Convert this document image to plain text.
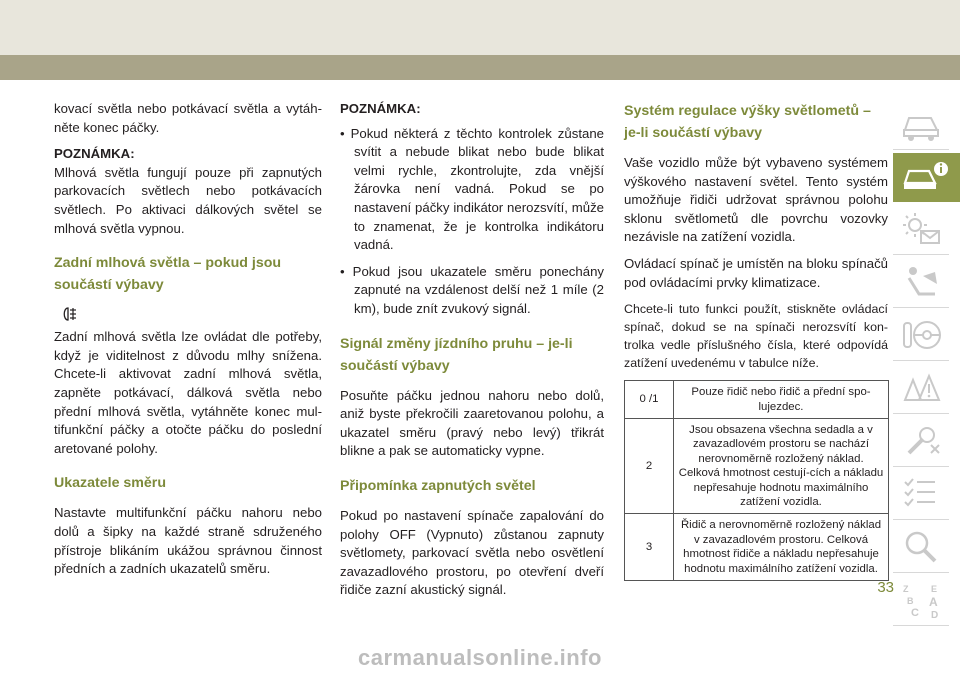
kovací světla nebo potkávací světla a vytáh-něte konec páčky.

POZNÁMKA:

Mlhová světla fungují pouze při zapnutých parkovacích světlech nebo potkávacích světlech. Po aktivaci dálkových světel se mlhová světla vypnou.

Zadní mlhová světla – pokud jsou součástí výbavy

Zadní mlhová světla lze ovládat dle potřeby, když je viditelnost z důvodu mlhy snížena. Chcete-li aktivovat zadní mlhová světla, zapněte potkávací, dálková světla nebo přední mlhová světla, vytáhněte konec mul-tifunkční páčky a otočte páčku do poslední aretované polohy.

Ukazatele směru

Nastavte multifunkční páčku nahoru nebo dolů a šipky na každé straně sdruženého přístroje blikáním ukážou správnou činnost předních a zadních ukazatelů směru.

POZNÁMKA:

• Pokud některá z těchto kontrolek zůstane svítit a nebude blikat nebo bude blikat velmi rychle, zkontrolujte, zda vnější žárovka není vadná. Pokud se po nastavení páčky indikátor nerozsvítí, může to znamenat, že je kontrolka indikátoru vadná.

• Pokud jsou ukazatele směru ponechány zapnuté na vzdálenost delší než 1 míle (2 km), bude znít zvukový signál.

Signál změny jízdního pruhu – je-li součástí výbavy

Posuňte páčku jednou nahoru nebo dolů, aniž byste překročili zaaretovanou polohu, a ukazatel směru (pravý nebo levý) třikrát blikne a pak se automaticky vypne.

Připomínka zapnutých světel

Pokud po nastavení spínače zapalování do polohy OFF (Vypnuto) zůstanou zapnuty světlomety, parkovací světla nebo osvětlení zavazadlového prostoru, po otevření dveří řidiče zazní akustický signál.

Systém regulace výšky světlometů – je-li součástí výbavy

Vaše vozidlo může být vybaveno systémem výškového nastavení světel. Tento systém umožňuje řidiči udržovat správnou polohu sklonu světlometů dle povrchu vozovky nezávisle na zatížení vozidla.

Ovládací spínač je umístěn na bloku spínačů pod ovládacími prvky klimatizace.

Chcete-li tuto funkci použít, stiskněte ovládací spínač, dokud se na spínači nerozsvítí kon-trolka vedle příslušného čísla, které odpovídá zatížení uvedenému v tabulce níže.

0 /1	Pouze řidič nebo řidič a přední spo-lujezdec.
2	Jsou obsazena všechna sedadla a v zavazadlovém prostoru se nachází nerovnoměrně rozložený náklad. Celková hmotnost cestují-cích a nákladu nepřesahuje hodnotu maximálního zatížení vozidla.
3	Řidič a nerovnoměrně rozložený náklad v zavazadlovém prostoru. Celková hmotnost řidiče a nákladu nepřesahuje hodnotu maximálního zatížení vozidla.
Z	E
B A
C D
33
carmanualsonline.info
